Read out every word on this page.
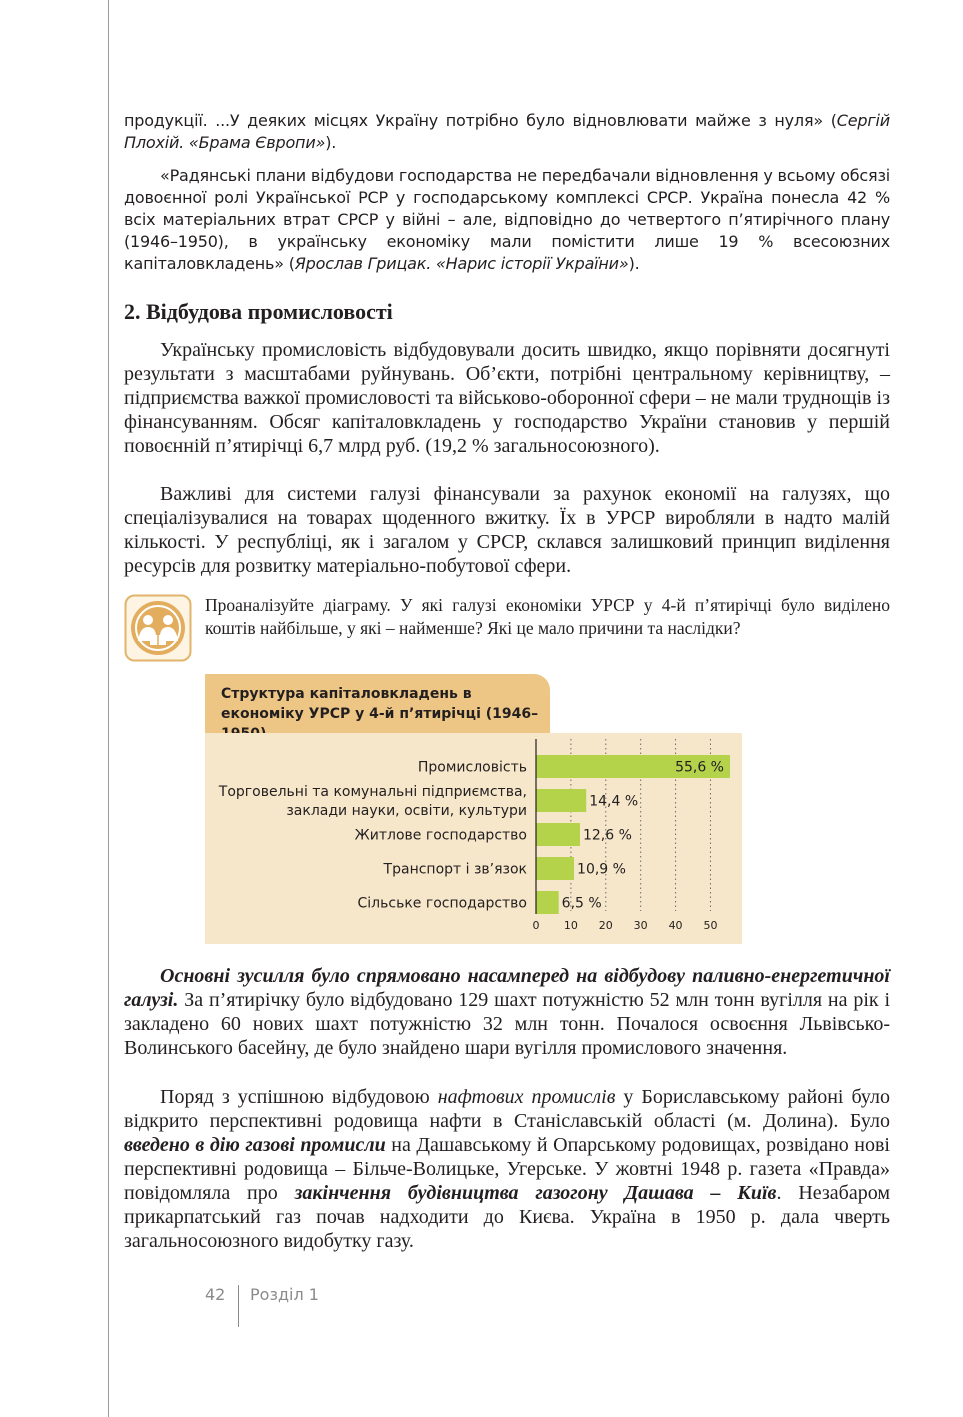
продукції. ...У деяких місцях Україну потрібно було відновлювати майже з нуля» (Сергій Плохій. «Брама Європи»).

«Радянські плани відбудови господарства не передбачали відновлення у всьому обсязі довоєнної ролі Української РСР у господарському комплексі СРСР. Україна понесла 42 % всіх матеріальних втрат СРСР у війні – але, відповідно до четвертого п’ятирічного плану (1946–1950), в українську економіку мали помістити лише 19 % всесоюзних капіталовкладень» (Ярослав Грицак. «Нарис історії України»).

2. Відбудова промисловості

Українську промисловість відбудовували досить швидко, якщо порівняти досягнуті результати з масштабами руйнувань. Об’єкти, потрібні центральному керівництву, – підприємства важкої промисловості та військово-оборонної сфери – не мали труднощів із фінансуванням. Обсяг капіталовкладень у господарство України становив у першій повоєнній п’ятирічці 6,7 млрд руб. (19,2 % загальносоюзного).

Важливі для системи галузі фінансували за рахунок економії на галузях, що спеціалізувалися на товарах щоденного вжитку. Їх в УРСР виробляли в надто малій кількості. У республіці, як і загалом у СРСР, склався залишковий принцип виділення ресурсів для розвитку матеріально-побутової сфери.

Проаналізуйте діаграму. У які галузі економіки УРСР у 4-й п’ятирічці було виділено коштів найбільше, у які – найменше? Які це мало причини та наслідки?

Структура капіталовкладень в економіку УРСР у 4-й п’ятирічці (1946–
Промисловість	55,6 %
Торговельні та комунальні підприємства,
заклади науки, освіти, культури
14,4 %
Житлове господарство	12,6 %
Транспорт і зв’язок	10,9 %
Сільське господарство 6,5 %
0 10 20 30 40 50

Основні зусилля було спрямовано насамперед на відбудову паливно-енергетичної галузі. За п’ятирічку було відбудовано 129 шахт потужністю 52 млн тонн вугілля на рік і закладено 60 нових шахт потужністю 32 млн тонн. Почалося освоєння Львівсько-Волинського басейну, де було знайдено шари вугілля промислового значення.

Поряд з успішною відбудовою нафтових промислів у Бориславському районі було відкрито перспективні родовища нафти в Станіславській області (м. Долина). Було введено в дію газові промисли на Дашавському й Опарському родовищах, розвідано нові перспективні родовища – Більче-Волицьке, Угерське. У жовтні 1948 р. газета «Правда» повідомляла про закінчення будівництва газогону Дашава – Київ. Незабаром прикарпатський газ почав надходити до Києва. Україна в 1950 р. дала чверть загальносоюзного видобутку газу.

42 Розділ 1
